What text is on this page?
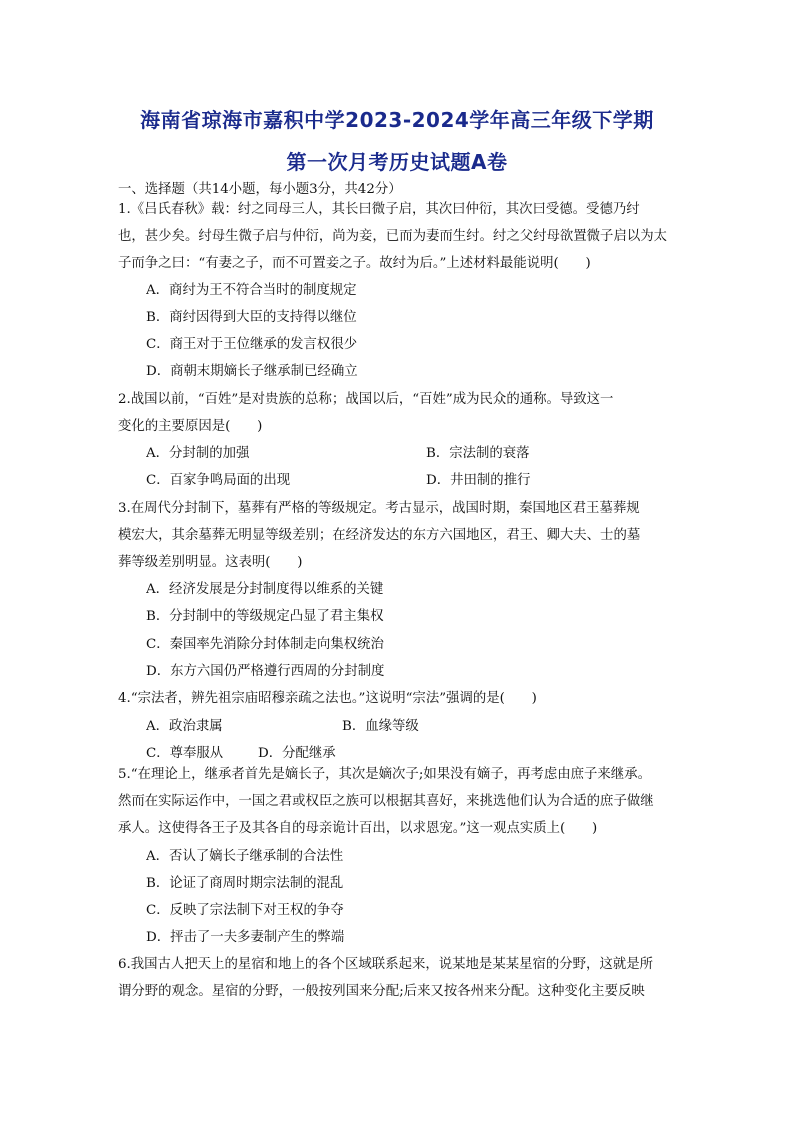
海南省琼海市嘉积中学2023-2024学年高三年级下学期
第一次月考历史试题A卷
一、选择题（共14小题，每小题3分，共42分）
1.《吕氏春秋》载：纣之同母三人，其长曰微子启，其次曰仲衍，其次曰受德。受德乃纣
也，甚少矣。纣母生微子启与仲衍，尚为妾，已而为妻而生纣。纣之父纣母欲置微子启以为太
子而争之曰：“有妻之子，而不可置妾之子。故纣为后。”上述材料最能说明(　　)
A．商纣为王不符合当时的制度规定
B．商纣因得到大臣的支持得以继位
C．商王对于王位继承的发言权很少
D．商朝末期嫡长子继承制已经确立
2.战国以前，“百姓”是对贵族的总称；战国以后，“百姓”成为民众的通称。导致这一
变化的主要原因是(　　)
A．分封制的加强	B．宗法制的衰落
C．百家争鸣局面的出现	D．井田制的推行
3.在周代分封制下，墓葬有严格的等级规定。考古显示，战国时期，秦国地区君王墓葬规
模宏大，其余墓葬无明显等级差别；在经济发达的东方六国地区，君王、卿大夫、士的墓
葬等级差别明显。这表明(　　)
A．经济发展是分封制度得以维系的关键
B．分封制中的等级规定凸显了君主集权
C．秦国率先消除分封体制走向集权统治
D．东方六国仍严格遵行西周的分封制度
4.“宗法者，辨先祖宗庙昭穆亲疏之法也。”这说明“宗法”强调的是(　　)
A．政治隶属	B．血缘等级
C．尊奉服从	D．分配继承
5.“在理论上，继承者首先是嫡长子，其次是嫡次子;如果没有嫡子，再考虑由庶子来继承。
然而在实际运作中，一国之君或权臣之族可以根据其喜好，来挑选他们认为合适的庶子做继
承人。这使得各王子及其各自的母亲诡计百出，以求恩宠。”这一观点实质上(　　)
A．否认了嫡长子继承制的合法性
B．论证了商周时期宗法制的混乱
C．反映了宗法制下对王权的争夺
D．抨击了一夫多妻制产生的弊端
6.我国古人把天上的星宿和地上的各个区域联系起来，说某地是某某星宿的分野，这就是所
谓分野的观念。星宿的分野，一般按列国来分配;后来又按各州来分配。这种变化主要反映
